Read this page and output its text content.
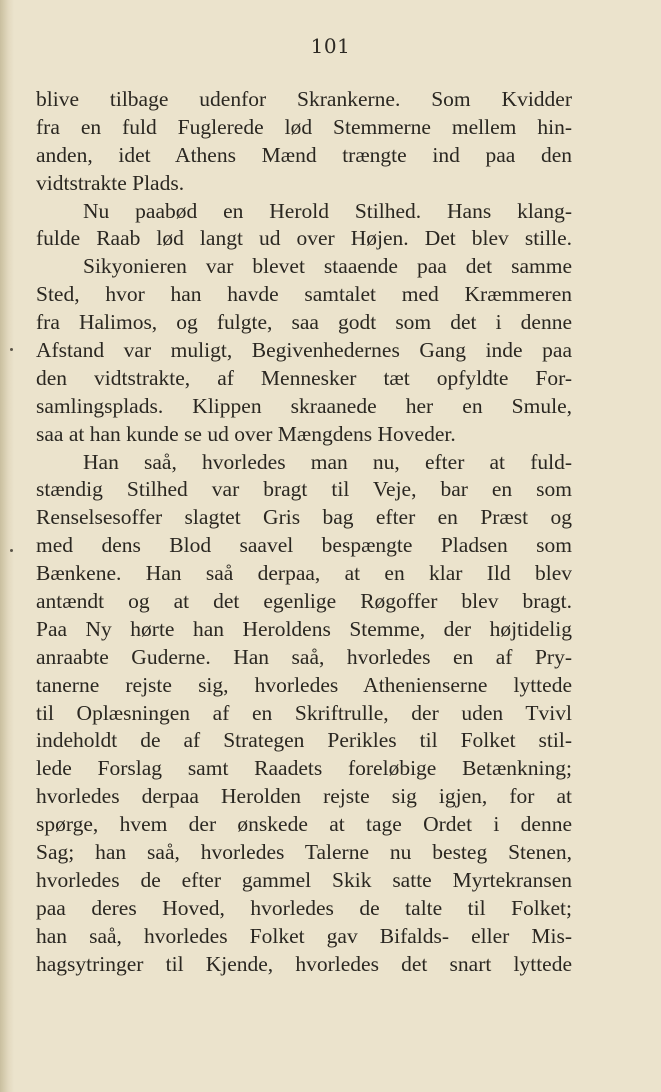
101
blive tilbage udenfor Skrankerne. Som Kvidder
fra en fuld Fuglerede lød Stemmerne mellem hin-
anden, idet Athens Mænd trængte ind paa den
vidtstrakte Plads.
Nu paabød en Herold Stilhed. Hans klang-
fulde Raab lød langt ud over Højen. Det blev stille.
Sikyonieren var blevet staaende paa det samme
Sted, hvor han havde samtalet med Kræmmeren
fra Halimos, og fulgte, saa godt som det i denne
Afstand var muligt, Begivenhedernes Gang inde paa
den vidtstrakte, af Mennesker tæt opfyldte For-
samlingsplads. Klippen skraanede her en Smule,
saa at han kunde se ud over Mængdens Hoveder.
Han saå, hvorledes man nu, efter at fuld-
stændig Stilhed var bragt til Veje, bar en som
Renselsesoffer slagtet Gris bag efter en Præst og
med dens Blod saavel bespængte Pladsen som
Bænkene. Han saå derpaa, at en klar Ild blev
antændt og at det egenlige Røgoffer blev bragt.
Paa Ny hørte han Heroldens Stemme, der højtidelig
anraabte Guderne. Han saå, hvorledes en af Pry-
tanerne rejste sig, hvorledes Athenienserne lyttede
til Oplæsningen af en Skriftrulle, der uden Tvivl
indeholdt de af Strategen Perikles til Folket stil-
lede Forslag samt Raadets foreløbige Betænkning;
hvorledes derpaa Herolden rejste sig igjen, for at
spørge, hvem der ønskede at tage Ordet i denne
Sag; han saå, hvorledes Talerne nu besteg Stenen,
hvorledes de efter gammel Skik satte Myrtekransen
paa deres Hoved, hvorledes de talte til Folket;
han saå, hvorledes Folket gav Bifalds- eller Mis-
hagsytringer til Kjende, hvorledes det snart lyttede
